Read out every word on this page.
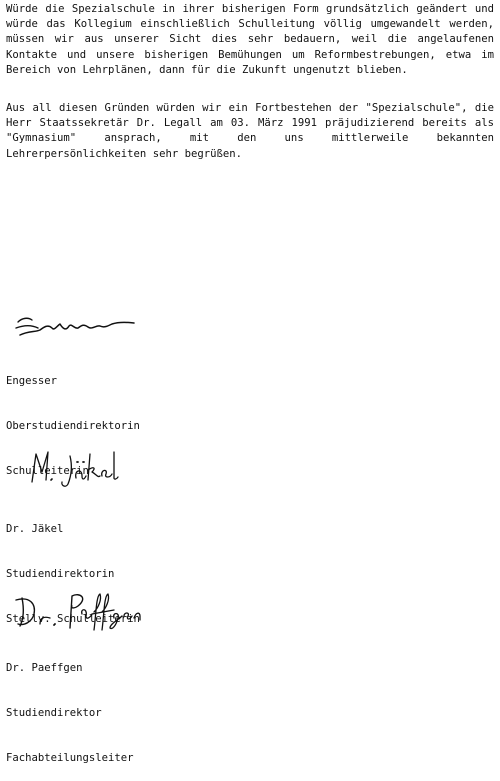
Würde die Spezialschule in ihrer bisherigen Form grundsätzlich geändert und würde das Kollegium einschließlich Schulleitung völlig umgewandelt werden, müssen wir aus unserer Sicht dies sehr bedauern, weil die angelaufenen Kontakte und unsere bisherigen Bemühungen um Reformbestrebungen, etwa im Bereich von Lehrplänen, dann für die Zukunft ungenutzt blieben.

Aus all diesen Gründen würden wir ein Fortbestehen der "Spezialschule", die Herr Staatssekretär Dr. Legall am 03. März 1991 präjudizierend bereits als "Gymnasium" ansprach, mit den uns mittlerweile bekannten Lehrerpersönlichkeiten sehr begrüßen.

Engesser

Oberstudiendirektorin

Schulleiterin

Dr. Jäkel

Studiendirektorin

Stellv. Schulleiterin

Dr. Paeffgen

Studiendirektor

Fachabteilungsleiter
